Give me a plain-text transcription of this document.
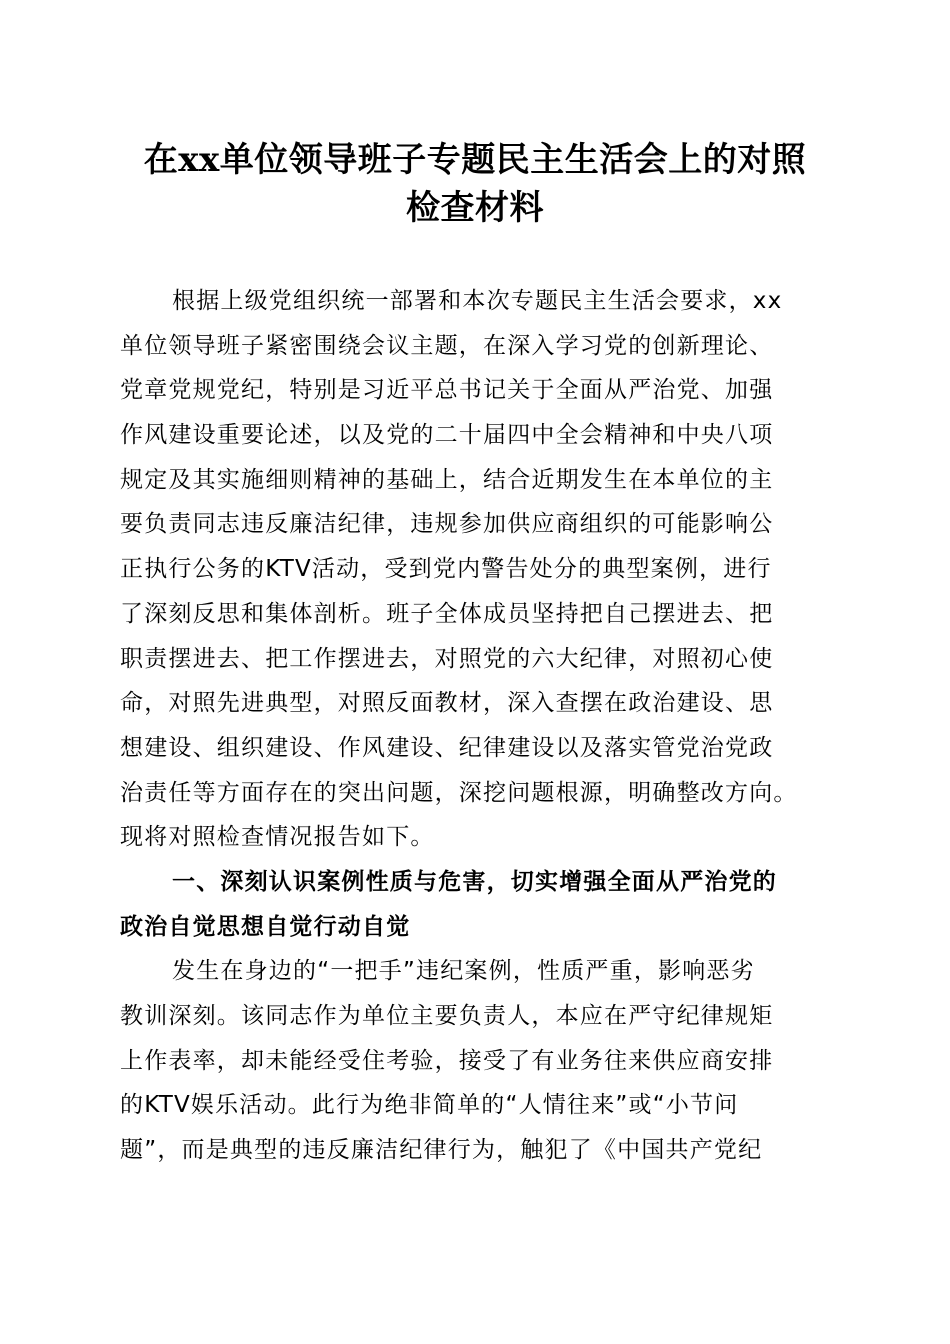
在xx单位领导班子专题民主生活会上的对照
检查材料
根据上级党组织统一部署和本次专题民主生活会要求，xx
单位领导班子紧密围绕会议主题，在深入学习党的创新理论、
党章党规党纪，特别是习近平总书记关于全面从严治党、加强
作风建设重要论述，以及党的二十届四中全会精神和中央八项
规定及其实施细则精神的基础上，结合近期发生在本单位的主
要负责同志违反廉洁纪律，违规参加供应商组织的可能影响公
正执行公务的KTV活动，受到党内警告处分的典型案例，进行
了深刻反思和集体剖析。班子全体成员坚持把自己摆进去、把
职责摆进去、把工作摆进去，对照党的六大纪律，对照初心使
命，对照先进典型，对照反面教材，深入查摆在政治建设、思
想建设、组织建设、作风建设、纪律建设以及落实管党治党政
治责任等方面存在的突出问题，深挖问题根源，明确整改方向。
现将对照检查情况报告如下。
一、深刻认识案例性质与危害，切实增强全面从严治党的
政治自觉思想自觉行动自觉
发生在身边的“一把手”违纪案例，性质严重，影响恶劣
教训深刻。该同志作为单位主要负责人，本应在严守纪律规矩
上作表率，却未能经受住考验，接受了有业务往来供应商安排
的KTV娱乐活动。此行为绝非简单的“人情往来”或“小节问
题”，而是典型的违反廉洁纪律行为，触犯了《中国共产党纪
